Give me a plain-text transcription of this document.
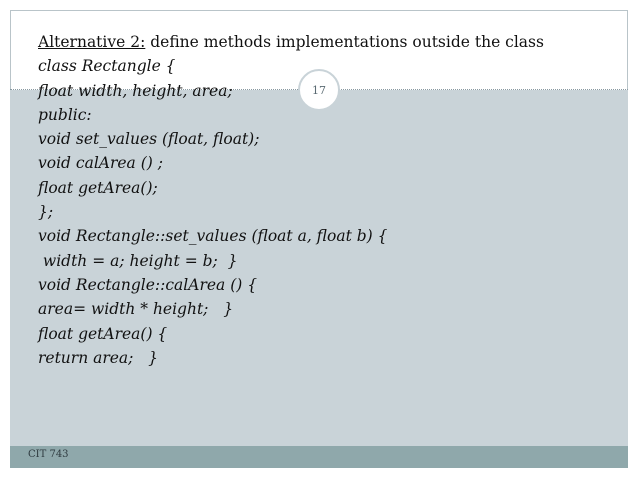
CIT 743
Alternative 2: define methods implementations outside the class
class Rectangle {
float width, height, area;
public:
void set_values (float, float);
void calArea () ;
float getArea();
};
void Rectangle::set_values (float a, float b) {
width = a; height = b;  }
void Rectangle::calArea () {
area= width * height;   }
float getArea() {
return area;   }
17
